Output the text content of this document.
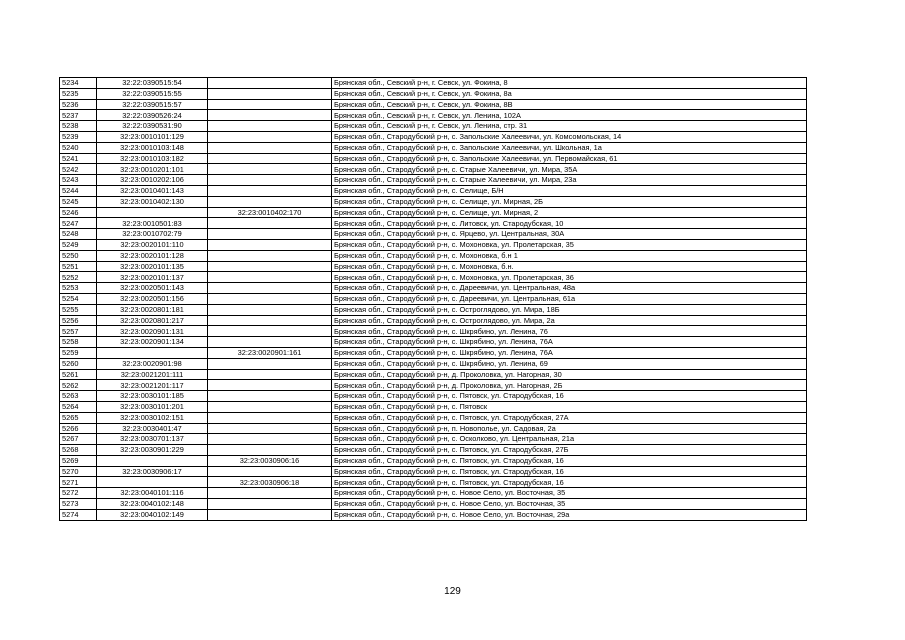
5234	32:22:0390515:54		Брянская обл., Севский р-н, г. Севск, ул. Фокина, 8
5235	32:22:0390515:55		Брянская обл., Севский р-н, г. Севск, ул. Фокина, 8а
5236	32:22:0390515:57		Брянская обл., Севский р-н, г. Севск, ул. Фокина, 8В
5237	32:22:0390526:24		Брянская обл., Севский р-н, г. Севск, ул. Ленина, 102А
5238	32:22:0390531:90		Брянская обл., Севский р-н, г. Севск, ул. Ленина, стр. 31
5239	32:23:0010101:129		Брянская обл., Стародубский р-н, с. Запольские Халеевичи, ул. Комсомольская, 14
5240	32:23:0010103:148		Брянская обл., Стародубский р-н, с. Запольские Халеевичи, ул. Школьная, 1а
5241	32:23:0010103:182		Брянская обл., Стародубский р-н, с. Запольские Халеевичи, ул. Первомайская, 61
5242	32:23:0010201:101		Брянская обл., Стародубский р-н, с. Старые Халеевичи, ул. Мира, 35А
5243	32:23:0010202:106		Брянская обл., Стародубский р-н, с. Старые Халеевичи, ул. Мира, 23а
5244	32:23:0010401:143		Брянская обл., Стародубский р-н, с. Селище, Б/Н
5245	32:23:0010402:130		Брянская обл., Стародубский р-н, с. Селище, ул. Мирная, 2Б
5246		32:23:0010402:170	Брянская обл., Стародубский р-н, с. Селище, ул. Мирная, 2
5247	32:23:0010501:83		Брянская обл., Стародубский р-н, с. Литовск, ул. Стародубская, 10
5248	32:23:0010702:79		Брянская обл., Стародубский р-н, с. Ярцево, ул. Центральная, 30А
5249	32:23:0020101:110		Брянская обл., Стародубский р-н, с. Мохоновка, ул. Пролетарская, 35
5250	32:23:0020101:128		Брянская обл., Стародубский р-н, с. Мохоновка, б.н 1
5251	32:23:0020101:135		Брянская обл., Стародубский р-н, с. Мохоновка, б.н.
5252	32:23:0020101:137		Брянская обл., Стародубский р-н, с. Мохоновка, ул. Пролетарская, 36
5253	32:23:0020501:143		Брянская обл., Стародубский р-н, с. Дареевичи, ул. Центральная, 48а
5254	32:23:0020501:156		Брянская обл., Стародубский р-н, с. Дареевичи, ул. Центральная, 61а
5255	32:23:0020801:181		Брянская обл., Стародубский р-н, с. Остроглядово, ул. Мира, 18Б
5256	32:23:0020801:217		Брянская обл., Стародубский р-н, с. Остроглядово, ул. Мира, 2а
5257	32:23:0020901:131		Брянская обл., Стародубский р-н, с. Шкрябино, ул. Ленина, 76
5258	32:23:0020901:134		Брянская обл., Стародубский р-н, с. Шкрябино, ул. Ленина, 76А
5259		32:23:0020901:161	Брянская обл., Стародубский р-н, с. Шкрябино, ул. Ленина, 76А
5260	32:23:0020901:98		Брянская обл., Стародубский р-н, с. Шкрябино, ул. Ленина, 69
5261	32:23:0021201:111		Брянская обл., Стародубский р-н, д. Проколовка, ул. Нагорная, 30
5262	32:23:0021201:117		Брянская обл., Стародубский р-н, д. Проколовка, ул. Нагорная, 2Б
5263	32:23:0030101:185		Брянская обл., Стародубский р-н, с. Пятовск, ул. Стародубская, 16
5264	32:23:0030101:201		Брянская обл., Стародубский р-н, с. Пятовск
5265	32:23:0030102:151		Брянская обл., Стародубский р-н, с. Пятовск, ул. Стародубская, 27А
5266	32:23:0030401:47		Брянская обл., Стародубский р-н, п. Новополье, ул. Садовая, 2а
5267	32:23:0030701:137		Брянская обл., Стародубский р-н, с. Осколково, ул. Центральная, 21а
5268	32:23:0030901:229		Брянская обл., Стародубский р-н, с. Пятовск, ул. Стародубская, 27Б
5269		32:23:0030906:16	Брянская обл., Стародубский р-н, с. Пятовск, ул. Стародубская, 16
5270	32:23:0030906:17		Брянская обл., Стародубский р-н, с. Пятовск, ул. Стародубская, 16
5271		32:23:0030906:18	Брянская обл., Стародубский р-н, с. Пятовск, ул. Стародубская, 16
5272	32:23:0040101:116		Брянская обл., Стародубский р-н, с. Новое Село, ул. Восточная, 35
5273	32:23:0040102:148		Брянская обл., Стародубский р-н, с. Новое Село, ул. Восточная, 35
5274	32:23:0040102:149		Брянская обл., Стародубский р-н, с. Новое Село, ул. Восточная, 29а
129
